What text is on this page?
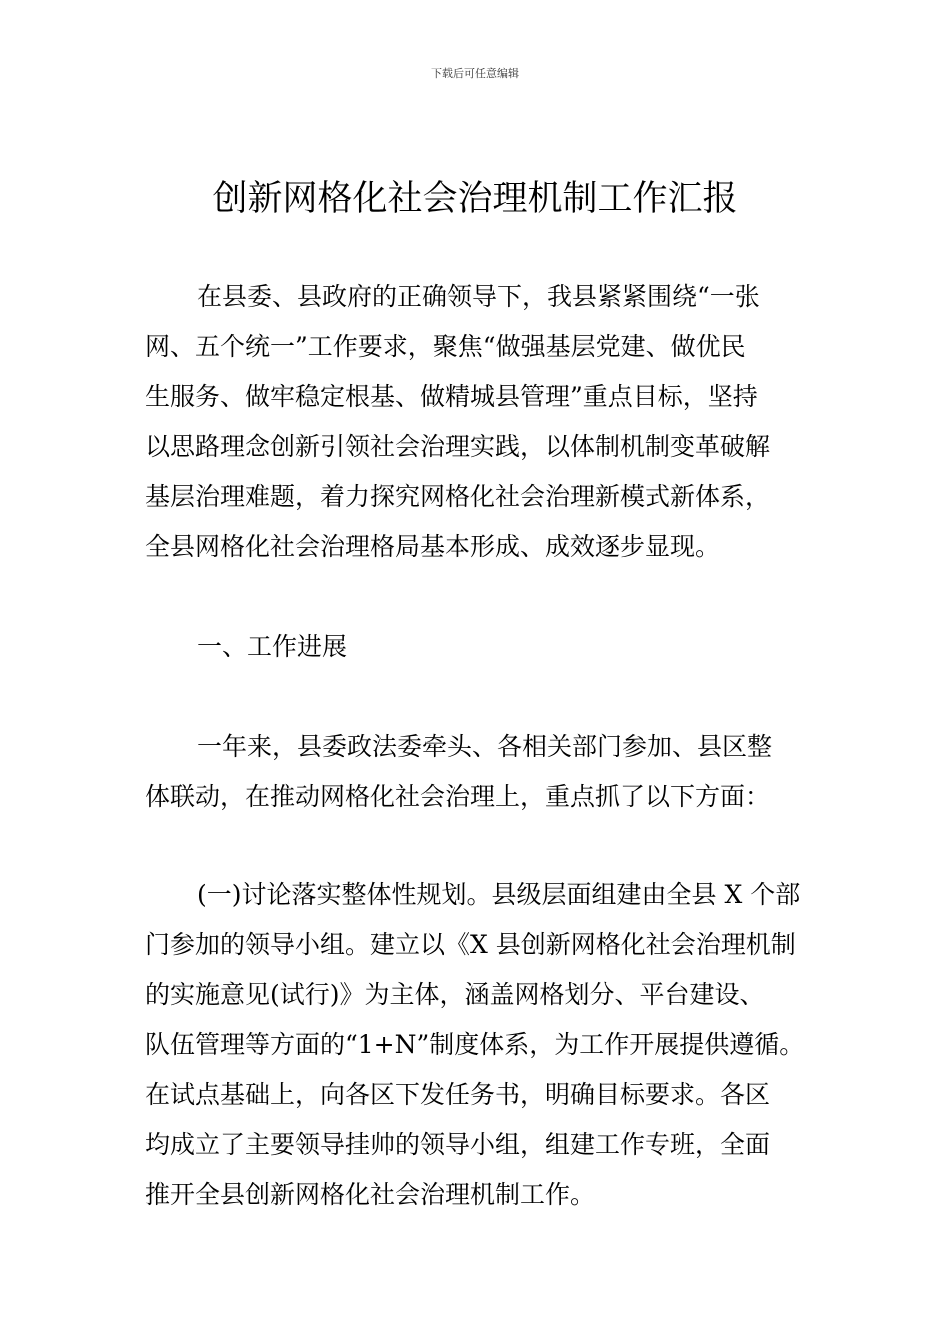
下载后可任意编辑
创新网格化社会治理机制工作汇报
在县委、县政府的正确领导下，我县紧紧围绕“一张
网、五个统一”工作要求，聚焦“做强基层党建、做优民
生服务、做牢稳定根基、做精城县管理”重点目标，坚持
以思路理念创新引领社会治理实践，以体制机制变革破解
基层治理难题，着力探究网格化社会治理新模式新体系，
全县网格化社会治理格局基本形成、成效逐步显现。
一、工作进展
一年来，县委政法委牵头、各相关部门参加、县区整
体联动，在推动网格化社会治理上，重点抓了以下方面：
(一)讨论落实整体性规划。县级层面组建由全县 X 个部
门参加的领导小组。建立以《X 县创新网格化社会治理机制
的实施意见(试行)》为主体，涵盖网格划分、平台建设、
队伍管理等方面的“1+N”制度体系，为工作开展提供遵循。
在试点基础上，向各区下发任务书，明确目标要求。各区
均成立了主要领导挂帅的领导小组，组建工作专班，全面
推开全县创新网格化社会治理机制工作。
